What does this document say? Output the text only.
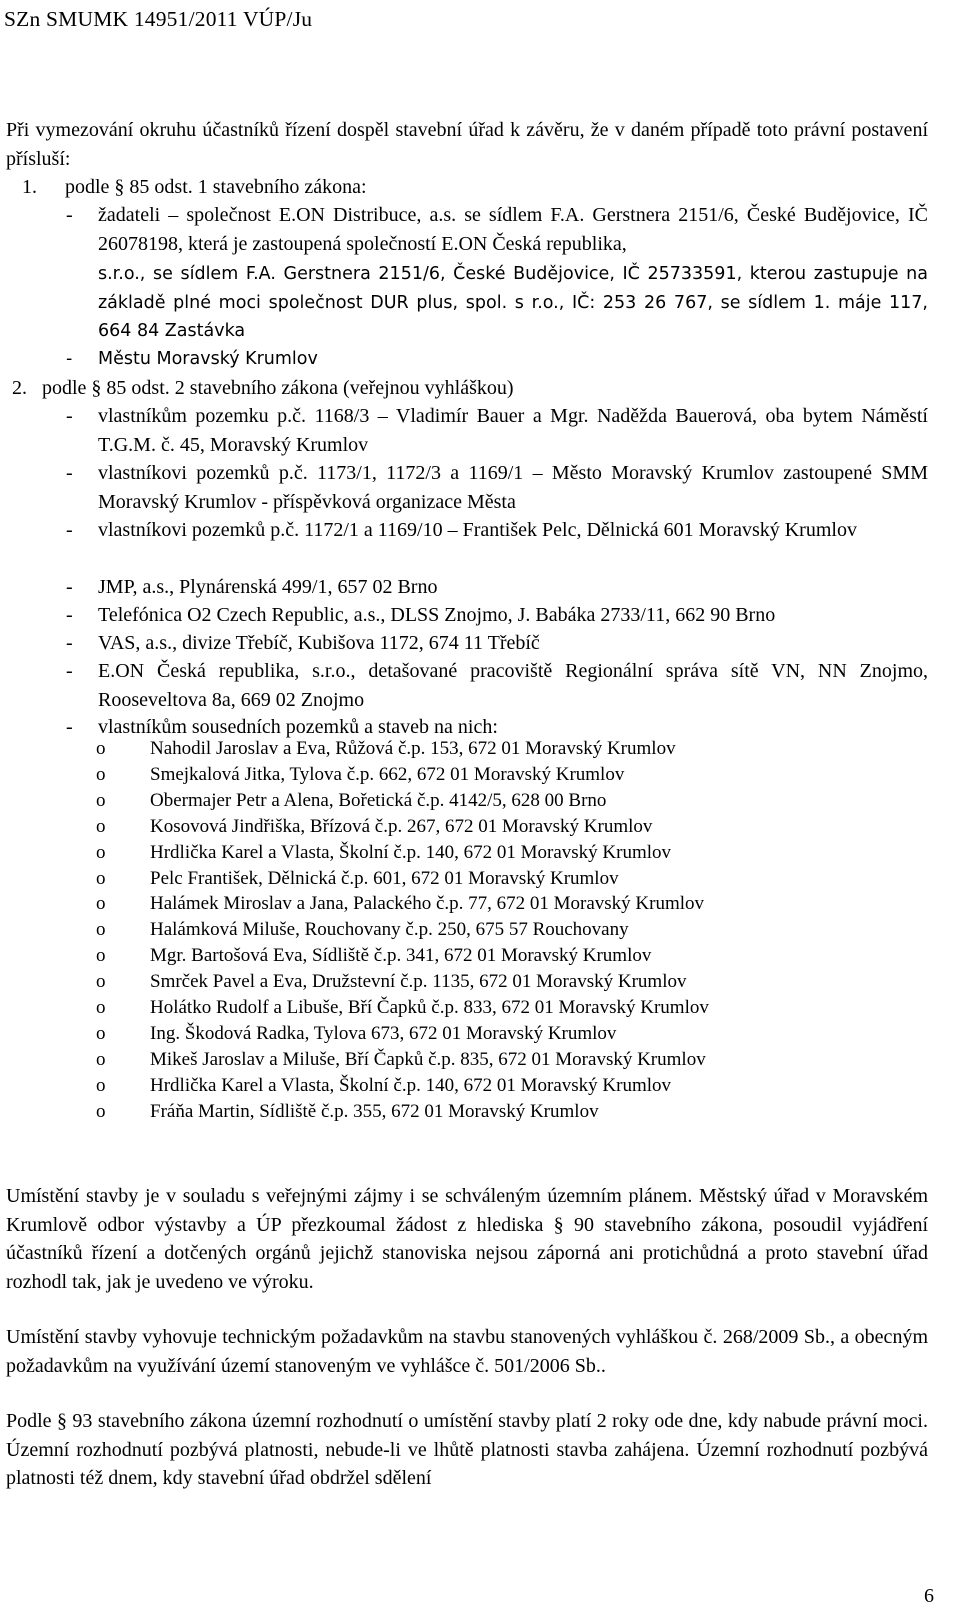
SZn SMUMK 14951/2011 VÚP/Ju
Při vymezování okruhu účastníků řízení dospěl stavební úřad k závěru, že v daném případě toto právní postavení přísluší:
1. podle § 85 odst. 1 stavebního zákona:
- žadateli – společnost E.ON Distribuce, a.s. se sídlem F.A. Gerstnera 2151/6, České Budějovice, IČ 26078198, která je zastoupená společností E.ON Česká republika,
s.r.o., se sídlem F.A. Gerstnera 2151/6, České Budějovice, IČ 25733591, kterou zastupuje na základě plné moci společnost DUR plus, spol. s r.o., IČ: 253 26 767, se sídlem 1. máje 117, 664 84 Zastávka
- Městu Moravský Krumlov
2. podle § 85 odst. 2 stavebního zákona (veřejnou vyhláškou)
- vlastníkům pozemku p.č. 1168/3 – Vladimír Bauer a Mgr. Naděžda Bauerová, oba bytem Náměstí T.G.M. č. 45, Moravský Krumlov
- vlastníkovi pozemků p.č. 1173/1, 1172/3 a 1169/1 – Město Moravský Krumlov zastoupené SMM Moravský Krumlov - příspěvková organizace Města
- vlastníkovi pozemků p.č. 1172/1 a 1169/10 – František Pelc, Dělnická 601 Moravský Krumlov
- JMP, a.s., Plynárenská 499/1, 657 02 Brno
- Telefónica O2 Czech Republic, a.s., DLSS Znojmo, J. Babáka 2733/11, 662 90 Brno
- VAS, a.s., divize Třebíč, Kubišova 1172, 674 11 Třebíč
- E.ON Česká republika, s.r.o., detašované pracoviště Regionální správa sítě VN, NN Znojmo, Rooseveltova 8a, 669 02 Znojmo
- vlastníkům sousedních pozemků a staveb na nich:
o Nahodil Jaroslav a Eva, Růžová č.p. 153, 672 01 Moravský Krumlov
o Smejkalová Jitka, Tylova č.p. 662, 672 01 Moravský Krumlov
o Obermajer Petr a Alena, Bořetická č.p. 4142/5, 628 00 Brno
o Kosovová Jindřiška, Břízová č.p. 267, 672 01 Moravský Krumlov
o Hrdlička Karel a Vlasta, Školní č.p. 140, 672 01 Moravský Krumlov
o Pelc František, Dělnická č.p. 601, 672 01 Moravský Krumlov
o Halámek Miroslav a Jana, Palackého č.p. 77, 672 01 Moravský Krumlov
o Halámková Miluše, Rouchovany č.p. 250, 675 57 Rouchovany
o Mgr. Bartošová Eva, Sídliště č.p. 341, 672 01 Moravský Krumlov
o Smrček Pavel a Eva, Družstevní č.p. 1135, 672 01 Moravský Krumlov
o Holátko Rudolf a Libuše, Bří Čapků č.p. 833, 672 01 Moravský Krumlov
o Ing. Škodová Radka, Tylova 673, 672 01 Moravský Krumlov
o Mikeš Jaroslav a Miluše, Bří Čapků č.p. 835, 672 01 Moravský Krumlov
o Hrdlička Karel a Vlasta, Školní č.p. 140, 672 01 Moravský Krumlov
o Fráňa Martin, Sídliště č.p. 355, 672 01 Moravský Krumlov
Umístění stavby je v souladu s veřejnými zájmy i se schváleným územním plánem. Městský úřad v Moravském Krumlově odbor výstavby a ÚP přezkoumal žádost z hlediska § 90 stavebního zákona, posoudil vyjádření účastníků řízení a dotčených orgánů jejichž stanoviska nejsou záporná ani protichůdná a proto stavební úřad rozhodl tak, jak je uvedeno ve výroku.
Umístění stavby vyhovuje technickým požadavkům na stavbu stanovených vyhláškou č. 268/2009 Sb., a obecným požadavkům na využívání území stanoveným ve vyhlášce č. 501/2006 Sb..
Podle § 93 stavebního zákona územní rozhodnutí o umístění stavby platí 2 roky ode dne, kdy nabude právní moci. Územní rozhodnutí pozbývá platnosti, nebude-li ve lhůtě platnosti stavba zahájena. Územní rozhodnutí pozbývá platnosti též dnem, kdy stavební úřad obdržel sdělení
6
